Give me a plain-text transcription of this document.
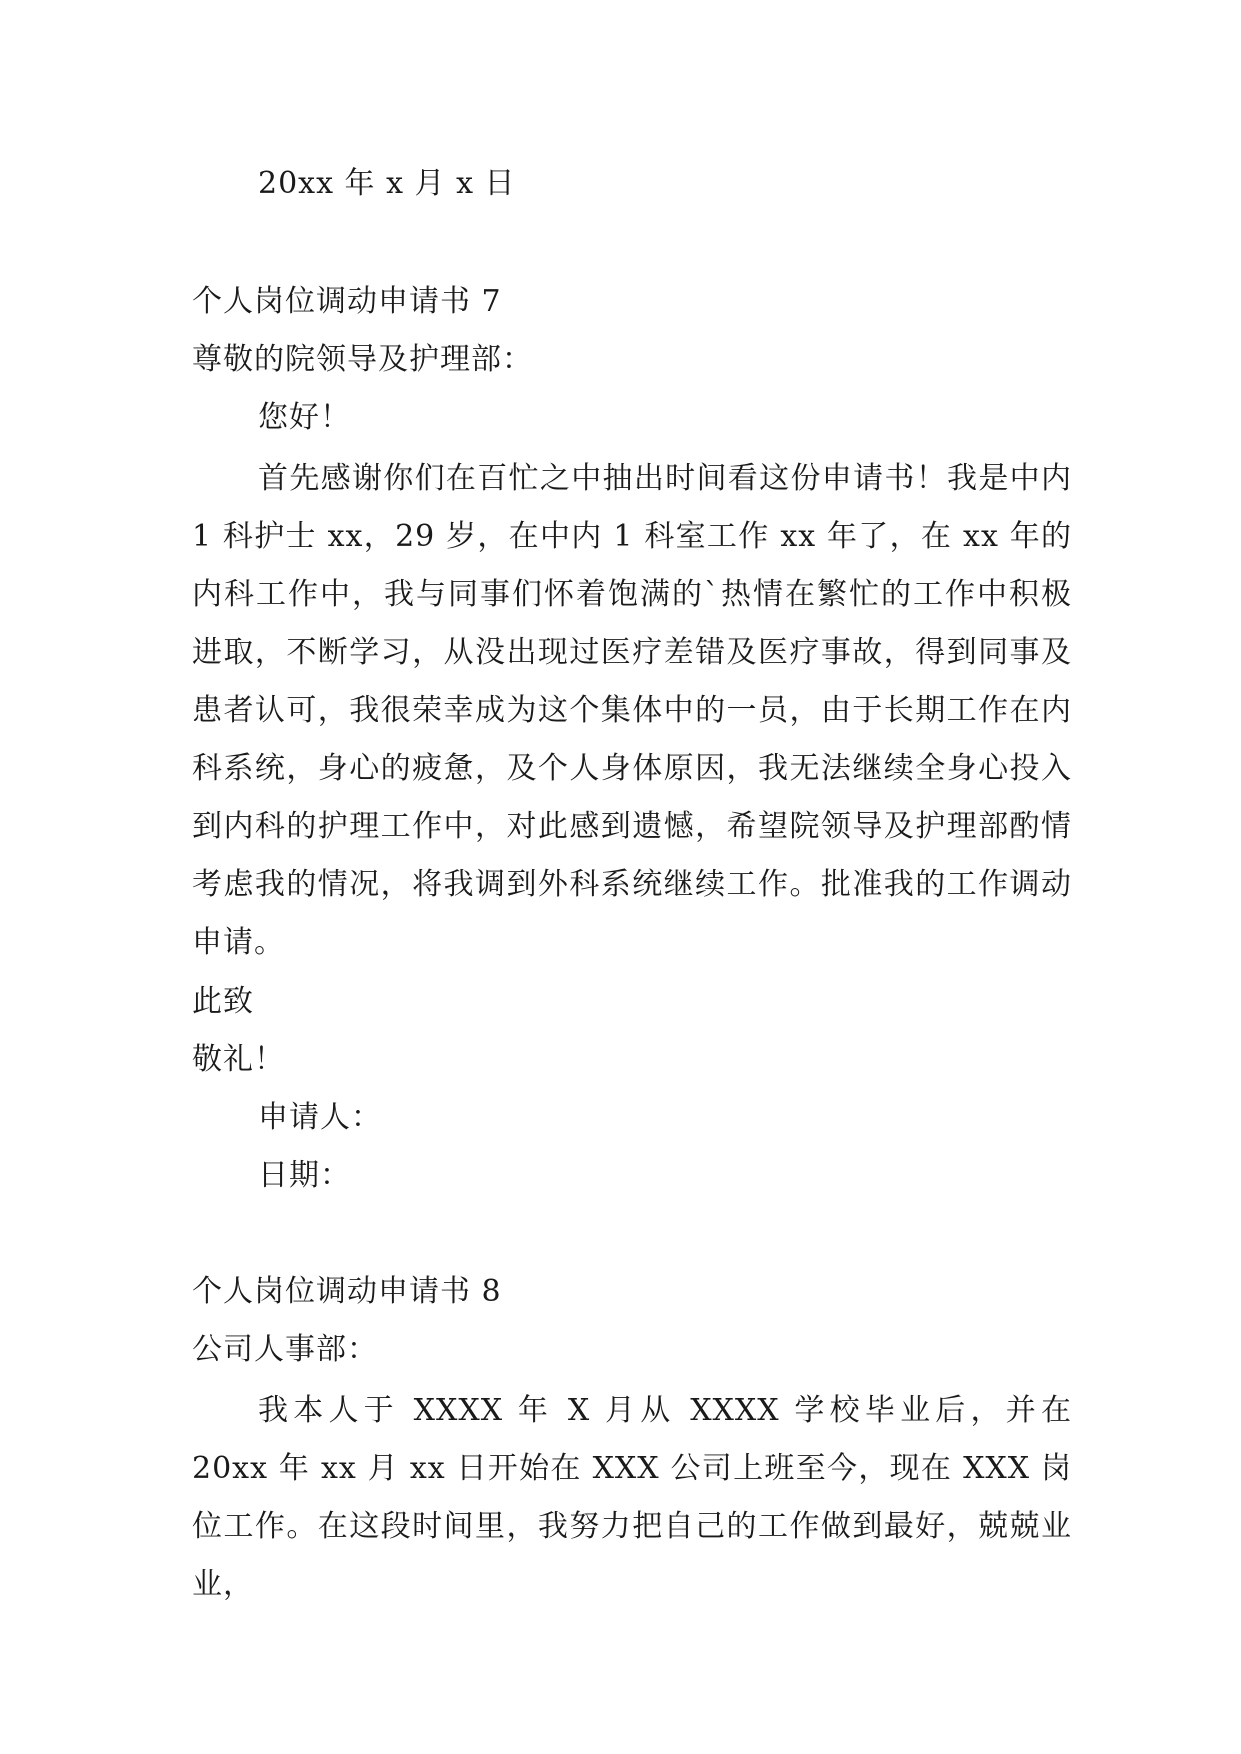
20xx 年 x 月 x 日
个人岗位调动申请书 7
尊敬的院领导及护理部：
您好！
首先感谢你们在百忙之中抽出时间看这份申请书！我是中内 1 科护士 xx，29 岁，在中内 1 科室工作 xx 年了，在 xx 年的内科工作中，我与同事们怀着饱满的`热情在繁忙的工作中积极进取，不断学习，从没出现过医疗差错及医疗事故，得到同事及患者认可，我很荣幸成为这个集体中的一员，由于长期工作在内科系统，身心的疲惫，及个人身体原因，我无法继续全身心投入到内科的护理工作中，对此感到遗憾，希望院领导及护理部酌情考虑我的情况，将我调到外科系统继续工作。批准我的工作调动申请。
此致
敬礼！
申请人：
日期：
个人岗位调动申请书 8
公司人事部：
我本人于 XXXX 年 X 月从 XXXX 学校毕业后，并在 20xx 年 xx 月 xx 日开始在 XXX 公司上班至今，现在 XXX 岗位工作。在这段时间里，我努力把自己的工作做到最好，兢兢业业，
